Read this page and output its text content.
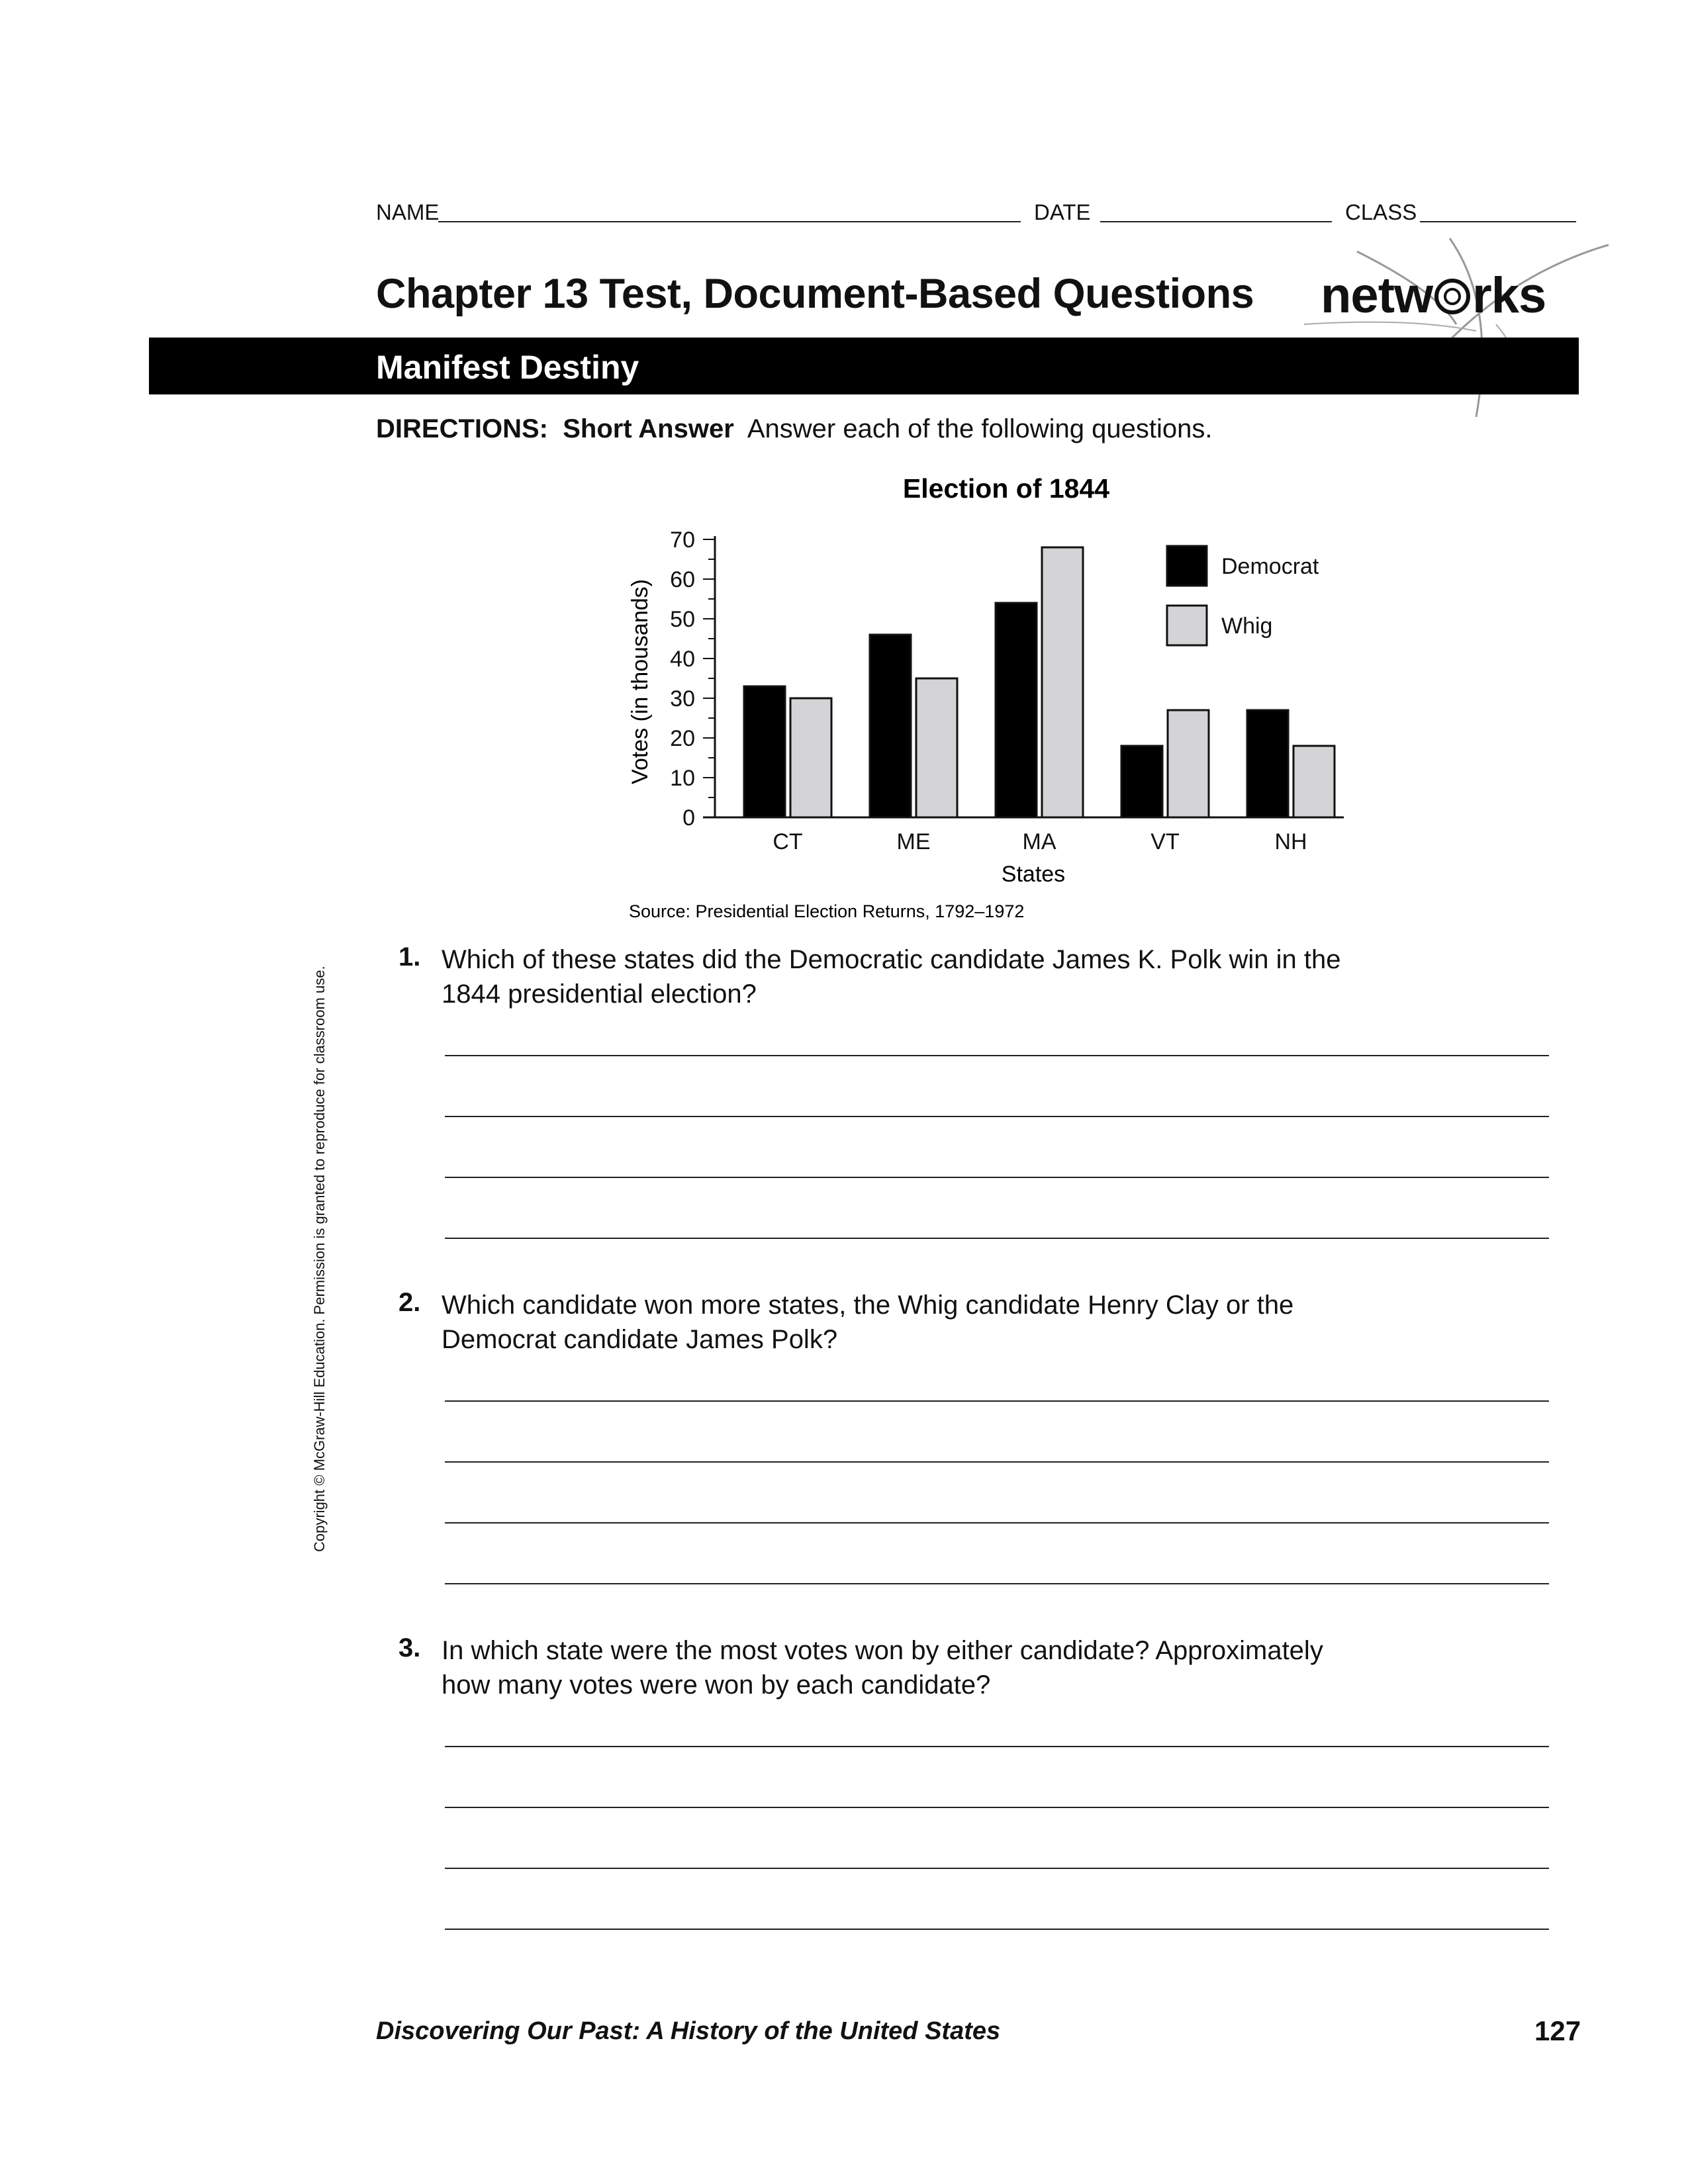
NAME	DATE	CLASS
Chapter 13 Test, Document-Based Questions netw rks
Manifest Destiny
DIRECTIONS: Short Answer Answer each of the following questions.
Election of 1844
Votes (in thousands)
States
Source: Presidential Election Returns, 1792–1972
0
10
20
30
40
50
60
70
CT	ME	MA	VT	NH
Democrat
Whig
1. Which of these states did the Democratic candidate James K. Polk win in the
1844 presidential election?
2. Which candidate won more states, the Whig candidate Henry Clay or the
Democrat candidate James Polk?
3. In which state were the most votes won by either candidate? Approximately
how many votes were won by each candidate?
Copyright © McGraw-Hill Education. Permission is granted to reproduce for classroom use.
Discovering Our Past: A History of the United States	127
